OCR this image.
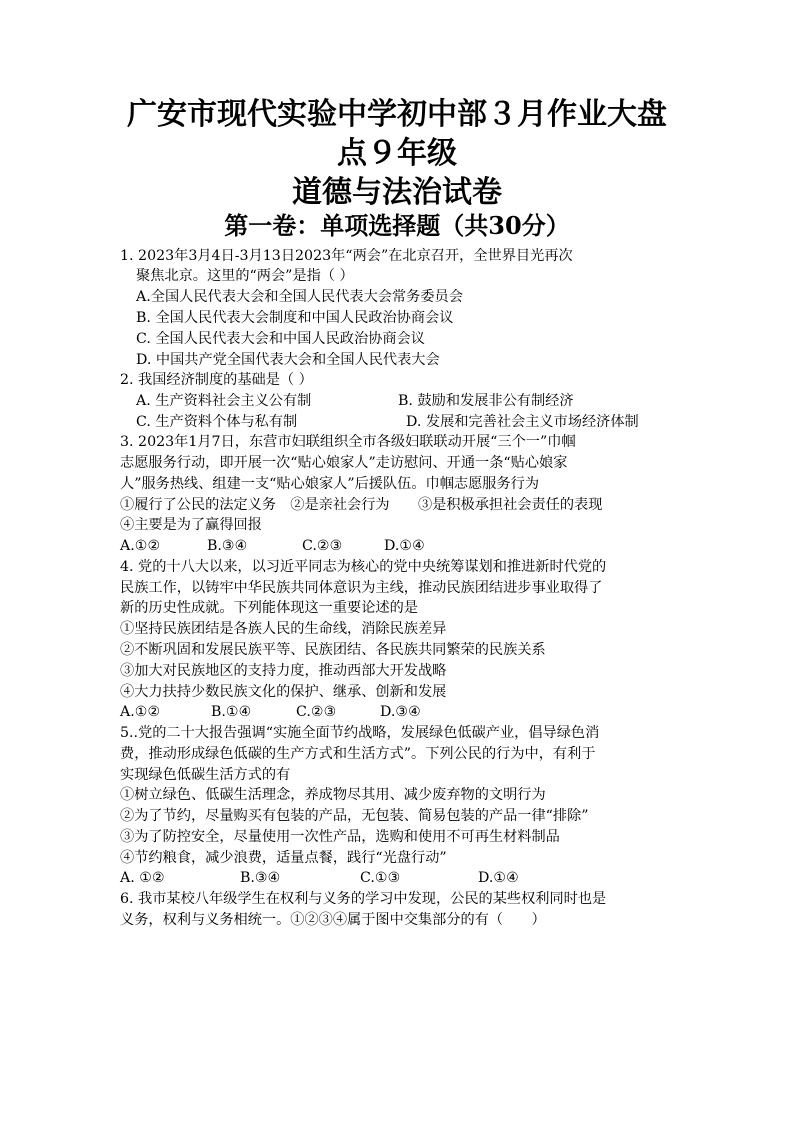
广安市现代实验中学初中部３月作业大盘
点９年级
道德与法治试卷
第一卷：单项选择题（共30分）
1. 2023年3月4日-3月13日2023年“两会”在北京召开，全世界目光再次
聚焦北京。这里的“两会”是指（ ）
A.全国人民代表大会和全国人民代表大会常务委员会
B. 全国人民代表大会制度和中国人民政治协商会议
C. 全国人民代表大会和中国人民政治协商会议
D. 中国共产党全国代表大会和全国人民代表大会
2. 我国经济制度的基础是（ ）
A. 生产资料社会主义公有制	B. 鼓励和发展非公有制经济
C. 生产资料个体与私有制	D. 发展和完善社会主义市场经济体制
3. 2023年1月7日，东营市妇联组织全市各级妇联联动开展“三个一”巾帼
志愿服务行动，即开展一次“贴心娘家人”走访慰问、开通一条“贴心娘家
人”服务热线、组建一支“贴心娘家人”后援队伍。巾帼志愿服务行为
①履行了公民的法定义务　②是亲社会行为　　③是积极承担社会责任的表现
④主要是为了赢得回报
A.①②	B.③④	C.②③	D.①④
4. 党的十八大以来，以习近平同志为核心的党中央统筹谋划和推进新时代党的
民族工作，以铸牢中华民族共同体意识为主线，推动民族团结进步事业取得了
新的历史性成就。下列能体现这一重要论述的是
①坚持民族团结是各族人民的生命线，消除民族差异
②不断巩固和发展民族平等、民族团结、各民族共同繁荣的民族关系
③加大对民族地区的支持力度，推动西部大开发战略
④大力扶持少数民族文化的保护、继承、创新和发展
A.①②	B.①④	C.②③	D.③④
5..党的二十大报告强调“实施全面节约战略，发展绿色低碳产业，倡导绿色消
费，推动形成绿色低碳的生产方式和生活方式”。下列公民的行为中，有利于
实现绿色低碳生活方式的有
①树立绿色、低碳生活理念，养成物尽其用、减少废弃物的文明行为
②为了节约，尽量购买有包装的产品，无包装、简易包装的产品一律“排除”
③为了防控安全，尽量使用一次性产品，选购和使用不可再生材料制品
④节约粮食，减少浪费，适量点餐，践行“光盘行动”
A. ①②	B.③④	C.①③	D.①④
6. 我市某校八年级学生在权利与义务的学习中发现，公民的某些权利同时也是
义务，权利与义务相统一。①②③④属于图中交集部分的有（　　）
